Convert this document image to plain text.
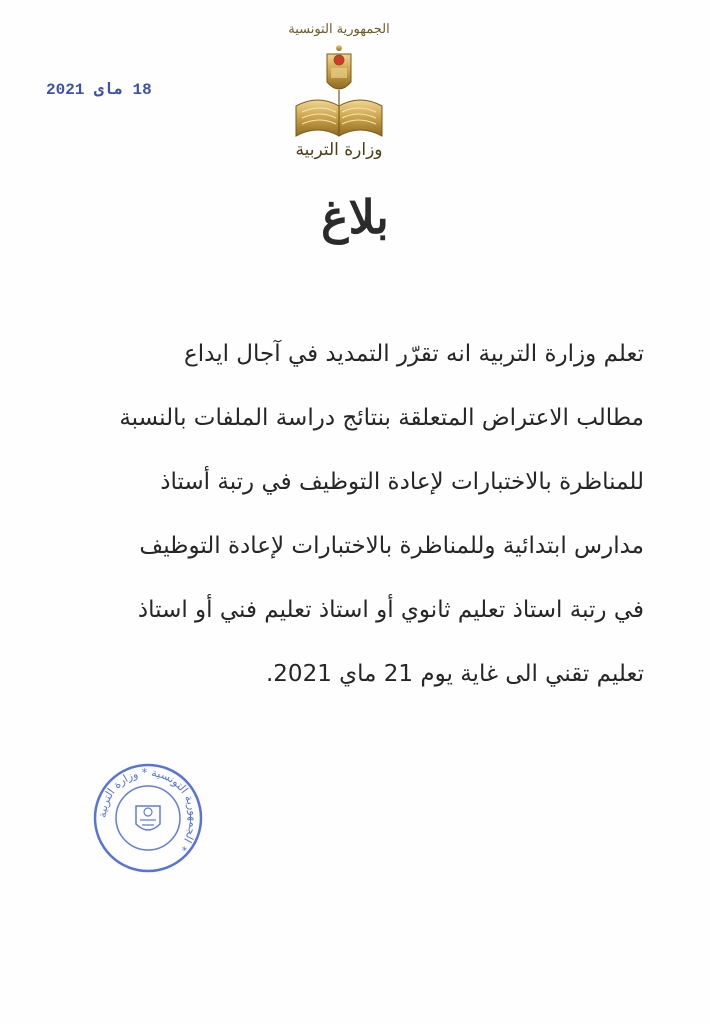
18 ماى 2021
الجمهورية التونسية
وزارة التربية
بلاغ
تعلم وزارة التربية انه تقرّر التمديد في آجال ايداع
مطالب الاعتراض المتعلقة بنتائج دراسة الملفات بالنسبة
للمناظرة بالاختبارات لإعادة التوظيف في رتبة أستاذ
مدارس ابتدائية وللمناظرة بالاختبارات لإعادة التوظيف
في رتبة استاذ تعليم ثانوي أو استاذ تعليم فني أو استاذ
تعليم تقني الى غاية يوم 21 ماي 2021.
الجمهورية التونسية * وزارة التربية *
